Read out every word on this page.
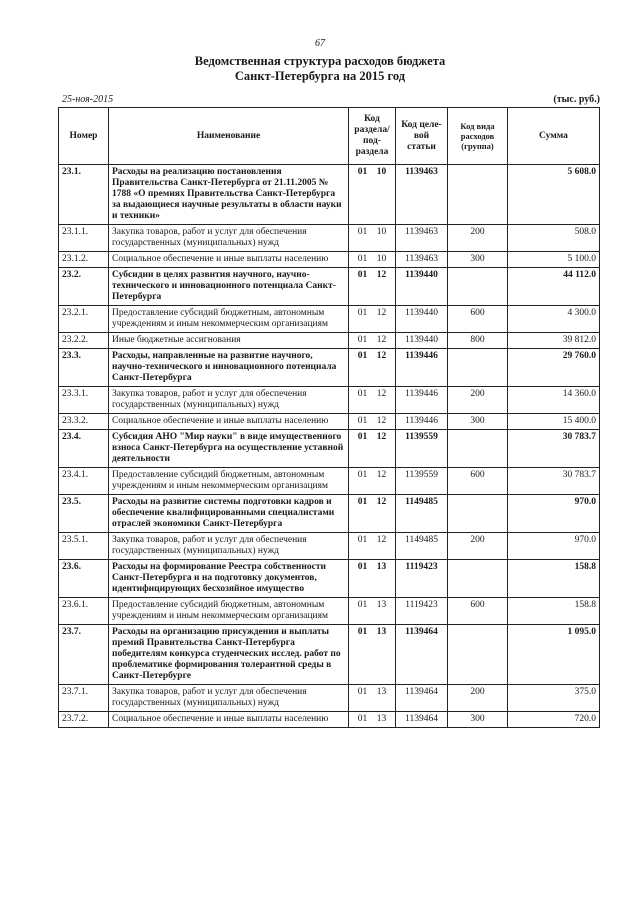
67
Ведомственная структура расходов бюджета
Санкт-Петербурга на 2015 год
25-ноя-2015	(тыс. руб.)
Номер	Наименование	Код раздела/ под-раздела	Код целе-вой статьи	Код вида расходов (группа)	Сумма
23.1.	Расходы на реализацию постановления Правительства Санкт-Петербурга от 21.11.2005 № 1788 «О премиях Правительства Санкт-Петербурга за выдающиеся научные результаты в области науки и техники»	01   10	1139463		5 608.0
23.1.1.	Закупка товаров, работ и услуг для обеспечения государственных (муниципальных) нужд	01   10	1139463	200	508.0
23.1.2.	Социальное обеспечение и иные выплаты населению	01   10	1139463	300	5 100.0
23.2.	Субсидии в целях развития научного, научно-технического и инновационного потенциала Санкт-Петербурга	01   12	1139440		44 112.0
23.2.1.	Предоставление субсидий бюджетным, автономным учреждениям и иным некоммерческим организациям	01   12	1139440	600	4 300.0
23.2.2.	Иные бюджетные ассигнования	01   12	1139440	800	39 812.0
23.3.	Расходы, направленные на развитие научного, научно-технического и инновационного потенциала Санкт-Петербурга	01   12	1139446		29 760.0
23.3.1.	Закупка товаров, работ и услуг для обеспечения государственных (муниципальных) нужд	01   12	1139446	200	14 360.0
23.3.2.	Социальное обеспечение и иные выплаты населению	01   12	1139446	300	15 400.0
23.4.	Субсидия АНО "Мир науки" в виде имущественного взноса Санкт-Петербурга на осуществление уставной деятельности	01   12	1139559		30 783.7
23.4.1.	Предоставление субсидий бюджетным, автономным учреждениям и иным некоммерческим организациям	01   12	1139559	600	30 783.7
23.5.	Расходы на развитие системы подготовки кадров и обеспечение квалифицированными специалистами отраслей экономики Санкт-Петербурга	01   12	1149485		970.0
23.5.1.	Закупка товаров, работ и услуг для обеспечения государственных (муниципальных) нужд	01   12	1149485	200	970.0
23.6.	Расходы на формирование Реестра собственности Санкт-Петербурга и на подготовку документов, идентифицирующих бесхозяйное имущество	01   13	1119423		158.8
23.6.1.	Предоставление субсидий бюджетным, автономным учреждениям и иным некоммерческим организациям	01   13	1119423	600	158.8
23.7.	Расходы на организацию присуждения и выплаты премий Правительства Санкт-Петербурга победителям конкурса студенческих исслед. работ по проблематике формирования толерантной среды в Санкт-Петербурге	01   13	1139464		1 095.0
23.7.1.	Закупка товаров, работ и услуг для обеспечения государственных (муниципальных) нужд	01   13	1139464	200	375.0
23.7.2.	Социальное обеспечение и иные выплаты населению	01   13	1139464	300	720.0
